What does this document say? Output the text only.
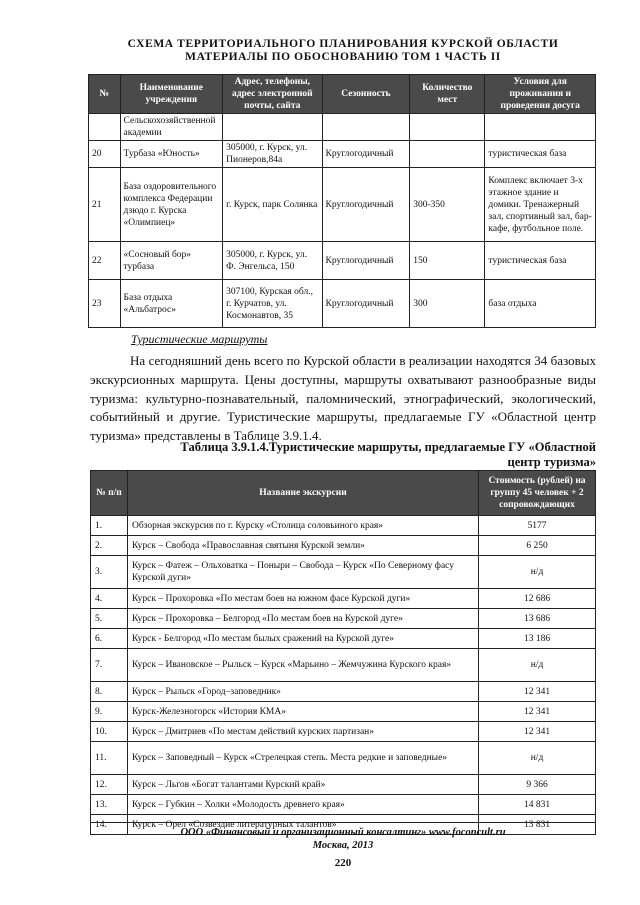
СХЕМА ТЕРРИТОРИАЛЬНОГО ПЛАНИРОВАНИЯ КУРСКОЙ ОБЛАСТИ
МАТЕРИАЛЫ ПО ОБОСНОВАНИЮ ТОМ 1 ЧАСТЬ II
№	Наименование учреждения	Адрес, телефоны, адрес электронной почты, сайта	Сезонность	Количество мест	Условия для проживания и проведения досуга
	Сельскохозяйственной академии				
20	Турбаза «Юность»	305000, г. Курск, ул. Пионеров,84а	Круглогодичный		туристическая база
21	База оздоровительного комплекса Федерации дзюдо г. Курска «Олимпиец»	г. Курск, парк Солянка	Круглогодичный	300-350	Комплекс включает 3-х этажное здание и домики. Тренажерный зал, спортивный зал, бар-кафе, футбольное поле.
22	«Сосновый бор» турбаза	305000, г. Курск, ул. Ф. Энгельса, 150	Круглогодичный	150	туристическая база
23	База отдыха «Альбатрос»	307100, Курская обл., г. Курчатов, ул. Космонавтов, 35	Круглогодичный	300	база отдыха
Туристические маршруты
На сегодняшний день всего по Курской области в реализации находятся 34 базовых экскурсионных маршрута. Цены доступны, маршруты охватывают разнообразные виды туризма: культурно-познавательный, паломнический, этнографический, экологический, событийный и другие. Туристические маршруты, предлагаемые ГУ «Областной центр туризма» представлены в Таблице 3.9.1.4.
Таблица 3.9.1.4.Туристические маршруты, предлагаемые ГУ «Областной центр туризма»
№ п/п	Название экскурсии	Стоимость (рублей) на группу 45 человек + 2 сопровождающих
1.	Обзорная экскурсия по г. Курску «Столица соловьиного края»	5177
2.	Курск – Свобода «Православная святыня Курской земли»	6 250
3.	Курск – Фатеж – Ольховатка – Поныри – Свобода – Курск «По Северному фасу Курской дуги»	н/д
4.	Курск – Прохоровка «По местам боев на южном фасе Курской дуги»	12 686
5.	Курск – Прохоровка – Белгород «По местам боев на Курской дуге»	13 686
6.	Курск - Белгород «По местам былых сражений на Курской дуге»	13 186
7.	Курск – Ивановское – Рыльск – Курск «Марьино – Жемчужина Курского края»	н/д
8.	Курск – Рыльск «Город–заповедник»	12 341
9.	Курск-Железногорск «История КМА»	12 341
10.	Курск – Дмитриев «По местам действий курских партизан»	12 341
11.	Курск – Заповедный – Курск «Стрелецкая степь. Места редкие и заповедные»	н/д
12.	Курск – Льгов «Богат талантами Курский край»	9 366
13.	Курск – Губкин – Холки «Молодость древнего края»	14 831
14.	Курск – Орел «Созвездие литературных талантов»	13 831
ООО «Финансовый и организационный консалтинг» www.foconcult.ru
Москва, 2013
220
